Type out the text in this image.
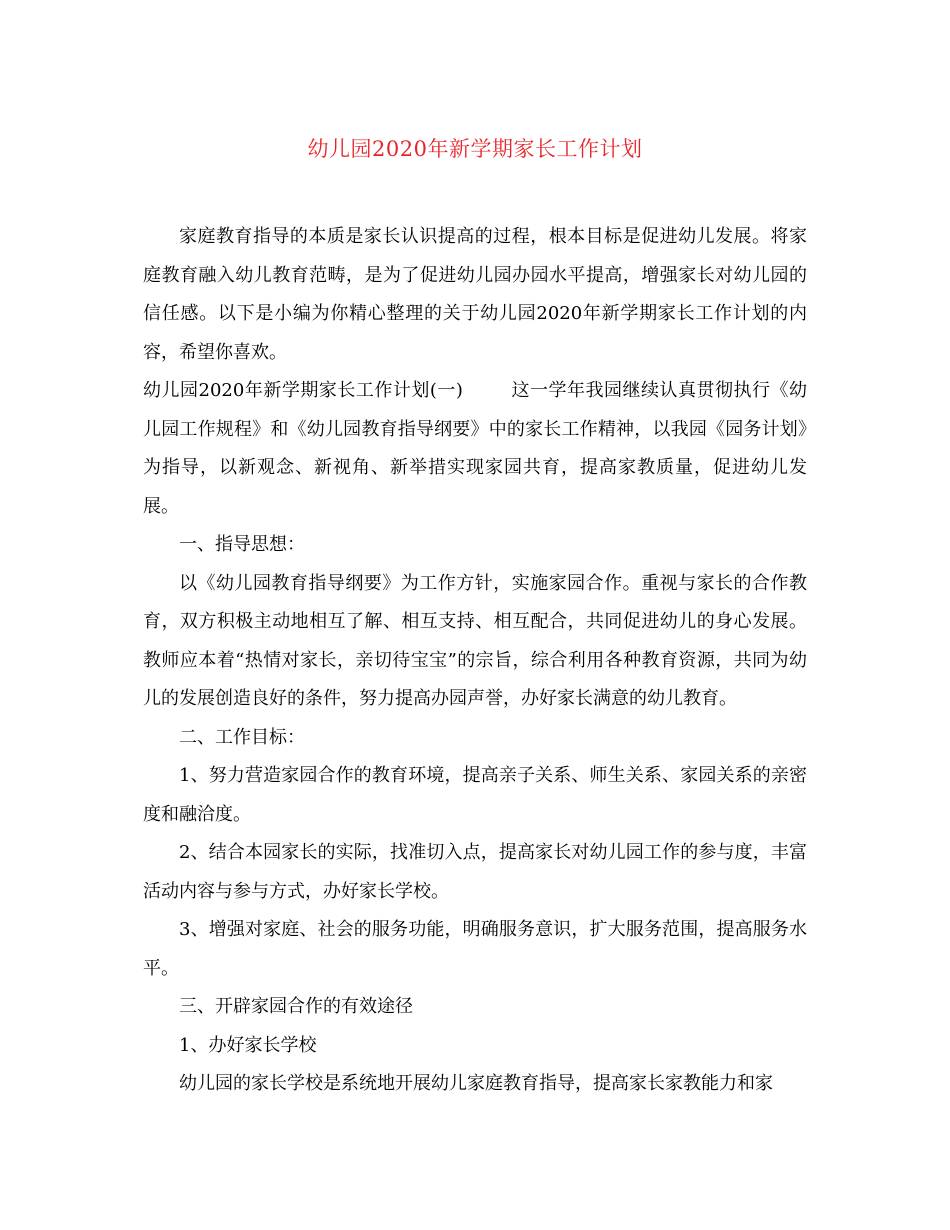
幼儿园2020年新学期家长工作计划

家庭教育指导的本质是家长认识提高的过程，根本目标是促进幼儿发展。将家庭教育融入幼儿教育范畴，是为了促进幼儿园办园水平提高，增强家长对幼儿园的信任感。以下是小编为你精心整理的关于幼儿园2020年新学期家长工作计划的内容，希望你喜欢。

幼儿园2020年新学期家长工作计划(一)	这一学年我园继续认真贯彻执行《幼儿园工作规程》和《幼儿园教育指导纲要》中的家长工作精神，以我园《园务计划》为指导，以新观念、新视角、新举措实现家园共育，提高家教质量，促进幼儿发展。

一、指导思想：

以《幼儿园教育指导纲要》为工作方针，实施家园合作。重视与家长的合作教育，双方积极主动地相互了解、相互支持、相互配合，共同促进幼儿的身心发展。教师应本着“热情对家长，亲切待宝宝”的宗旨，综合利用各种教育资源，共同为幼儿的发展创造良好的条件，努力提高办园声誉，办好家长满意的幼儿教育。

二、工作目标：

1、努力营造家园合作的教育环境，提高亲子关系、师生关系、家园关系的亲密度和融洽度。

2、结合本园家长的实际，找准切入点，提高家长对幼儿园工作的参与度，丰富活动内容与参与方式，办好家长学校。

3、增强对家庭、社会的服务功能，明确服务意识，扩大服务范围，提高服务水平。

三、开辟家园合作的有效途径

1、办好家长学校

幼儿园的家长学校是系统地开展幼儿家庭教育指导，提高家长家教能力和家
